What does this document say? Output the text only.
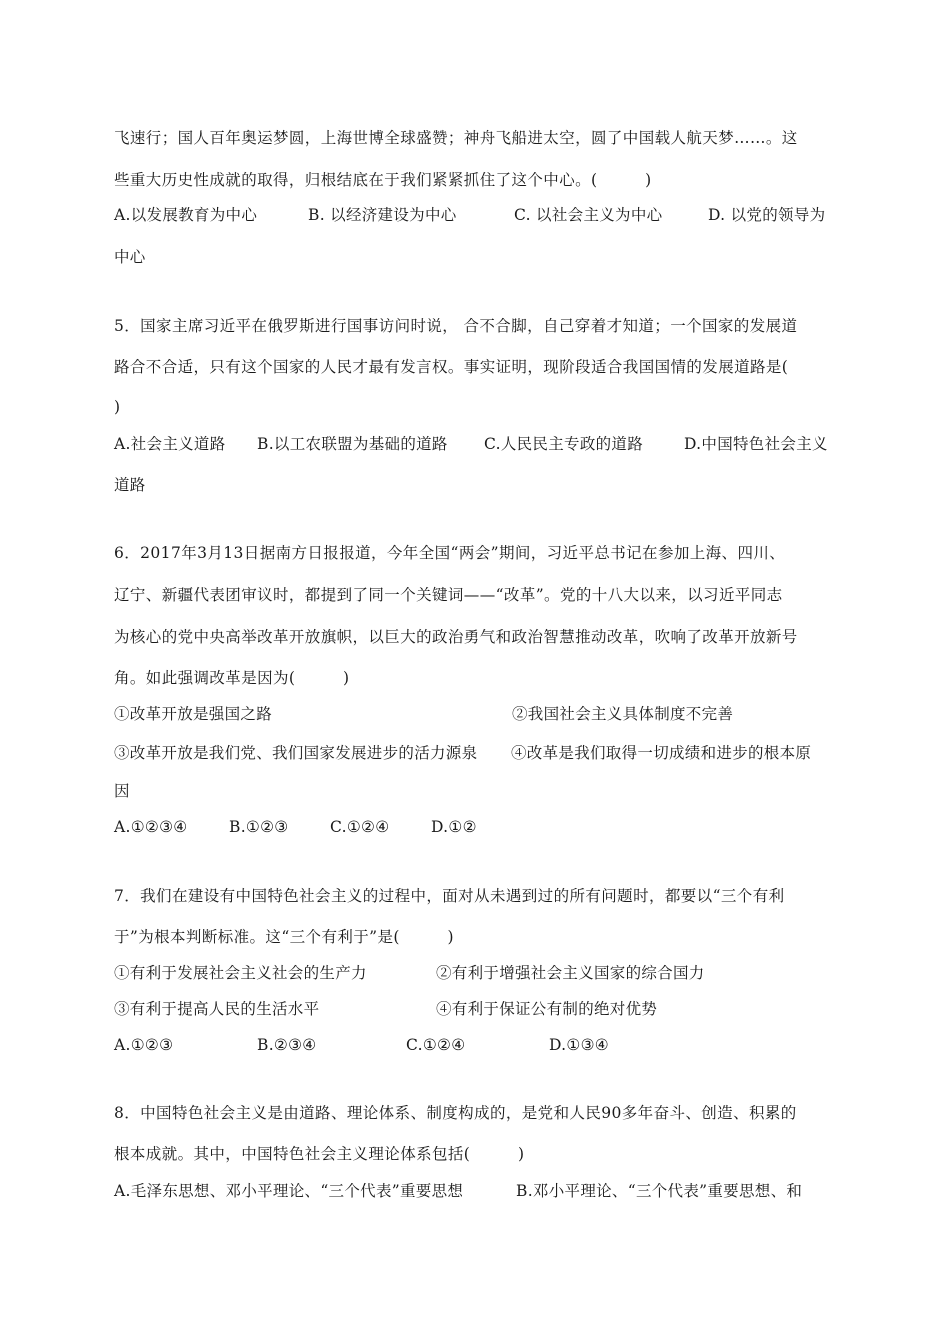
飞速行；国人百年奥运梦圆，上海世博全球盛赞；神舟飞船进太空，圆了中国载人航天梦……。这
些重大历史性成就的取得，归根结底在于我们紧紧抓住了这个中心。(　　　)
A.以发展教育为中心	B. 以经济建设为中心	C. 以社会主义为中心	D. 以党的领导为
中心
5．国家主席习近平在俄罗斯进行国事访问时说， 合不合脚，自己穿着才知道；一个国家的发展道
路合不合适，只有这个国家的人民才最有发言权。事实证明，现阶段适合我国国情的发展道路是(
)
A.社会主义道路 B.以工农联盟为基础的道路 C.人民民主专政的道路	D.中国特色社会主义
道路
6．2017年3月13日据南方日报报道，今年全国“两会”期间，习近平总书记在参加上海、四川、
辽宁、新疆代表团审议时，都提到了同一个关键词——“改革”。党的十八大以来，以习近平同志
为核心的党中央高举改革开放旗帜，以巨大的政治勇气和政治智慧推动改革，吹响了改革开放新号
角。如此强调改革是因为(　　　)
①改革开放是强国之路	②我国社会主义具体制度不完善
③改革开放是我们党、我们国家发展进步的活力源泉 ④改革是我们取得一切成绩和进步的根本原
因
A.①②③④	B.①②③	C.①②④	D.①②
7．我们在建设有中国特色社会主义的过程中，面对从未遇到过的所有问题时，都要以“三个有利
于”为根本判断标准。这“三个有利于”是(　　　)
①有利于发展社会主义社会的生产力	②有利于增强社会主义国家的综合国力
③有利于提高人民的生活水平	④有利于保证公有制的绝对优势
A.①②③	B.②③④	C.①②④	D.①③④
8．中国特色社会主义是由道路、理论体系、制度构成的，是党和人民90多年奋斗、创造、积累的
根本成就。其中，中国特色社会主义理论体系包括(　　　)
A.毛泽东思想、邓小平理论、“三个代表”重要思想	B.邓小平理论、“三个代表”重要思想、和
